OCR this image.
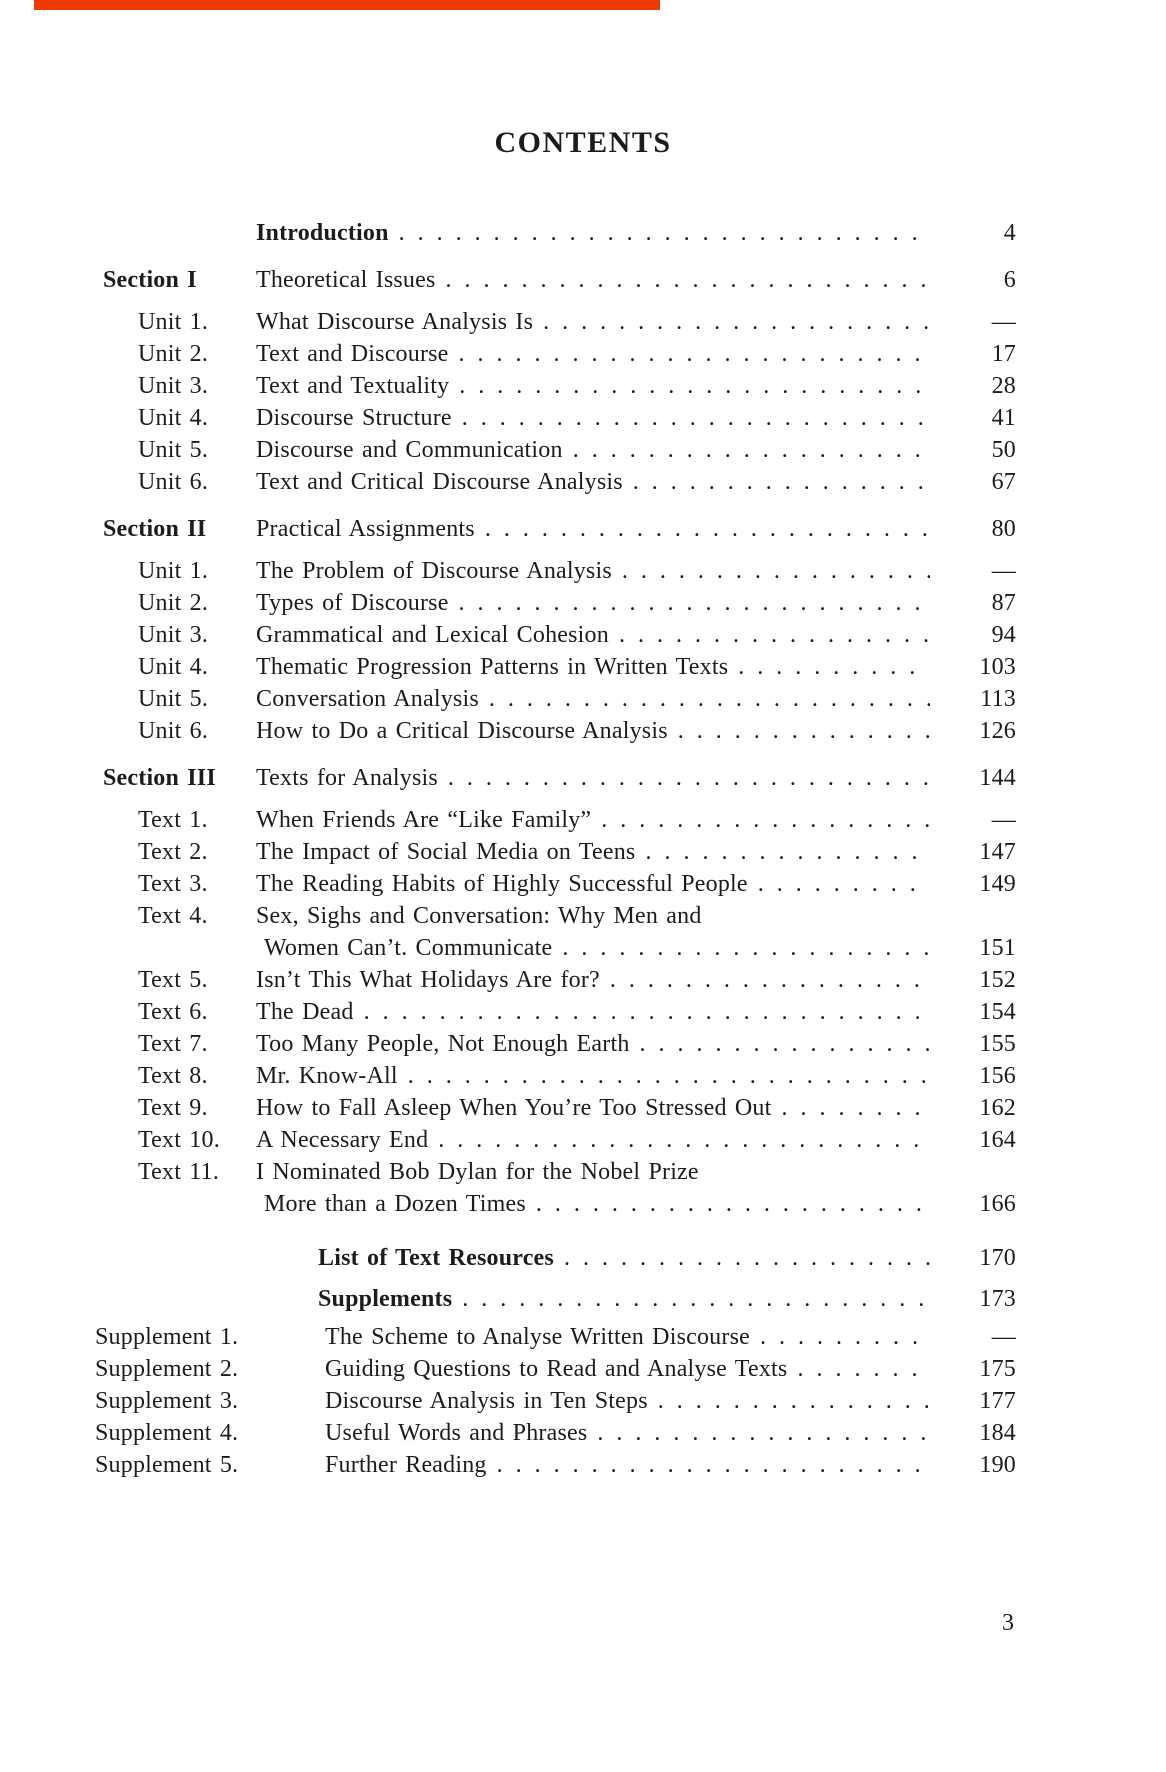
CONTENTS

Introduction . . .	4
Section I	Theoretical Issues . . .	6
Unit 1.	What Discourse Analysis Is . . .	—
Unit 2.	Text and Discourse . . .	17
Unit 3.	Text and Textuality . . .	28
Unit 4.	Discourse Structure . . .	41
Unit 5.	Discourse and Communication . . .	50
Unit 6.	Text and Critical Discourse Analysis . . .	67
Section II	Practical Assignments . . .	80
Unit 1.	The Problem of Discourse Analysis . . .	—
Unit 2.	Types of Discourse . . .	87
Unit 3.	Grammatical and Lexical Cohesion . . .	94
Unit 4.	Thematic Progression Patterns in Written Texts . . .	103
Unit 5.	Conversation Analysis . . .	113
Unit 6.	How to Do a Critical Discourse Analysis . . .	126
Section III	Texts for Analysis . . .	144
Text 1.	When Friends Are “Like Family” . . .	—
Text 2.	The Impact of Social Media on Teens . . .	147
Text 3.	The Reading Habits of Highly Successful People . . .	149
Text 4.	Sex, Sighs and Conversation: Why Men and

Women Can’t. Communicate . . .	151
Text 5.	Isn’t This What Holidays Are for? . . .	152
Text 6.	The Dead . . .	154
Text 7.	Too Many People, Not Enough Earth . . .	155
Text 8.	Mr. Know-All . . .	156
Text 9.	How to Fall Asleep When You’re Too Stressed Out . . .	162
Text 10.	A Necessary End . . .	164
Text 11.	I Nominated Bob Dylan for the Nobel Prize

More than a Dozen Times . . .	166

List of Text Resources . . .	170

Supplements . . .	173
Supplement 1.	The Scheme to Analyse Written Discourse . . .	—
Supplement 2.	Guiding Questions to Read and Analyse Texts . . .	175
Supplement 3.	Discourse Analysis in Ten Steps . . .	177
Supplement 4.	Useful Words and Phrases . . .	184
Supplement 5.	Further Reading . . .	190
3
